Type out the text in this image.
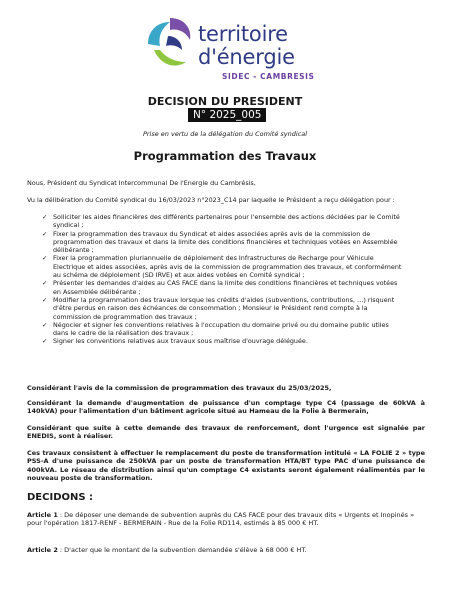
territoire
d'énergie
SIDEC - CAMBRESIS
DECISION DU PRESIDENT
N° 2025_005
Prise en vertu de la délégation du Comité syndical
Programmation des Travaux
Nous, Président du Syndicat Intercommunal De l'Energie du Cambrésis,
Vu la délibération du Comité syndical du 16/03/2023 n°2023_C14 par laquelle le Président a reçu délégation pour :
✓ Solliciter les aides financières des différents partenaires pour l'ensemble des actions décidées par le Comité syndical ;
✓ Fixer la programmation des travaux du Syndicat et aides associées après avis de la commission de programmation des travaux et dans la limite des conditions financières et techniques votées en Assemblée délibérante ;
✓ Fixer la programmation pluriannuelle de déploiement des Infrastructures de Recharge pour Véhicule Electrique et aides associées, après avis de la commission de programmation des travaux, et conformément au schéma de déploiement (SD IRVE) et aux aides votées en Comité syndical ;
✓ Présenter les demandes d'aides au CAS FACE dans la limite des conditions financières et techniques votées en Assemblée délibérante ;
✓ Modifier la programmation des travaux lorsque les crédits d'aides (subventions, contributions, …) risquent d'être perdus en raison des échéances de consommation ; Monsieur le Président rend compte à la commission de programmation des travaux ;
✓ Négocier et signer les conventions relatives à l'occupation du domaine privé ou du domaine public utiles dans le cadre de la réalisation des travaux ;
✓ Signer les conventions relatives aux travaux sous maîtrise d'ouvrage déléguée.
Considérant l'avis de la commission de programmation des travaux du 25/03/2025,
Considérant la demande d'augmentation de puissance d'un comptage type C4 (passage de 60kVA à 140kVA) pour l'alimentation d'un bâtiment agricole situé au Hameau de la Folie à Bermerain,
Considérant que suite à cette demande des travaux de renforcement, dont l'urgence est signalée par ENEDIS, sont à réaliser.
Ces travaux consistent à effectuer le remplacement du poste de transformation intitulé « LA FOLIE 2 » type PSS-A d'une puissance de 250kVA par un poste de transformation HTA/BT type PAC d'une puissance de 400kVA. Le réseau de distribution ainsi qu'un comptage C4 existants seront également réalimentés par le nouveau poste de transformation.
DECIDONS :
Article 1 : De déposer une demande de subvention auprès du CAS FACE pour des travaux dits « Urgents et Inopinés » pour l'opération 1817-RENF - BERMERAIN - Rue de la Folie RD114, estimés à 85 000 € HT.
Article 2 : D'acter que le montant de la subvention demandée s'élève à 68 000 € HT.
